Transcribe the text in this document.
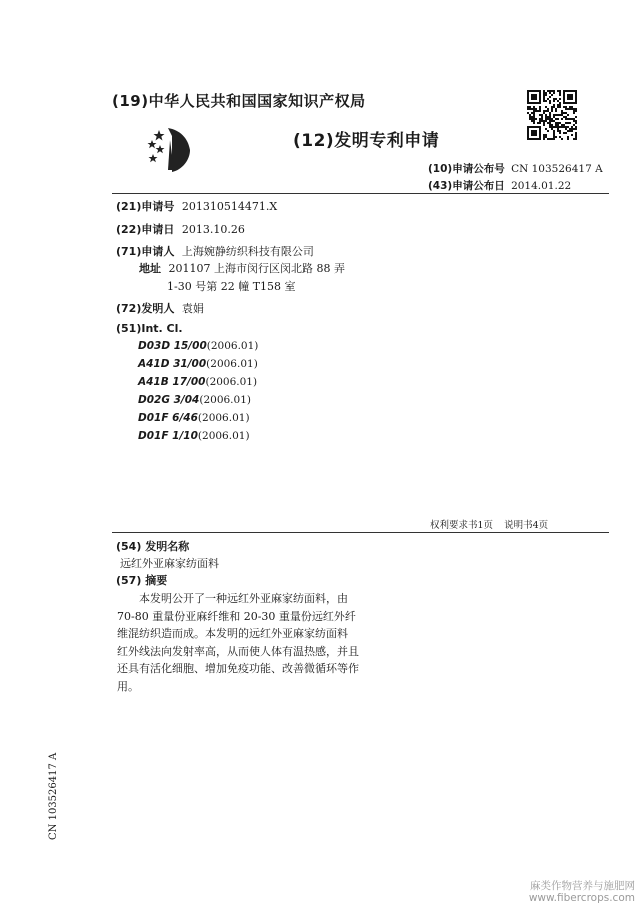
(19)中华人民共和国国家知识产权局
(12)发明专利申请
(10)申请公布号 CN 103526417 A
(43)申请公布日 2014.01.22
(21)申请号 201310514471.X
(22)申请日 2013.10.26
(71)申请人 上海婉静纺织科技有限公司
地址 201107 上海市闵行区闵北路 88 弄
1-30 号第 22 幢 T158 室
(72)发明人 袁娟
(51)Int. Cl.
D03D 15/00(2006.01)
A41D 31/00(2006.01)
A41B 17/00(2006.01)
D02G 3/04(2006.01)
D01F 6/46(2006.01)
D01F 1/10(2006.01)
权利要求书1页 说明书4页
(54) 发明名称
远红外亚麻家纺面料
(57) 摘要

本发明公开了一种远红外亚麻家纺面料，由

70-80 重量份亚麻纤维和 20-30 重量份远红外纤

维混纺织造而成。本发明的远红外亚麻家纺面料

红外线法向发射率高，从而使人体有温热感，并且

还具有活化细胞、增加免疫功能、改善微循环等作

用。

CN 103526417 A
麻类作物营养与施肥网
www.fibercrops.com
